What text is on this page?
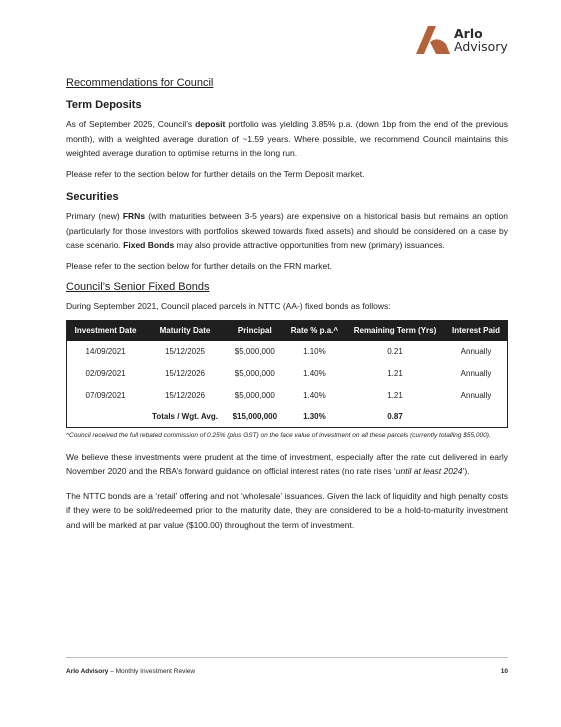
Arlo
Advisory
Recommendations for Council
Term Deposits

As of September 2025, Council’s deposit portfolio was yielding 3.85% p.a. (down 1bp from the end of the previous month), with a weighted average duration of ~1.59 years. Where possible, we recommend Council maintains this weighted average duration to optimise returns in the long run.

Please refer to the section below for further details on the Term Deposit market.

Securities

Primary (new) FRNs (with maturities between 3-5 years) are expensive on a historical basis but remains an option (particularly for those investors with portfolios skewed towards fixed assets) and should be considered on a case by case scenario. Fixed Bonds may also provide attractive opportunities from new (primary) issuances.

Please refer to the section below for further details on the FRN market.

Council’s Senior Fixed Bonds

During September 2021, Council placed parcels in NTTC (AA-) fixed bonds as follows:

Investment Date	Maturity Date	Principal	Rate % p.a.^	Remaining Term (Yrs)	Interest Paid
14/09/2021	15/12/2025	$5,000,000	1.10%	0.21	Annually
02/09/2021	15/12/2026	$5,000,000	1.40%	1.21	Annually
07/09/2021	15/12/2026	$5,000,000	1.40%	1.21	Annually
	Totals / Wgt. Avg.	$15,000,000	1.30%	0.87	
^Council received the full rebated commission of 0.25% (plus GST) on the face value of investment on all these parcels (currently totalling $55,000).

We believe these investments were prudent at the time of investment, especially after the rate cut delivered in early November 2020 and the RBA’s forward guidance on official interest rates (no rate rises ‘until at least 2024’).

The NTTC bonds are a ‘retail’ offering and not ‘wholesale’ issuances. Given the lack of liquidity and high penalty costs if they were to be sold/redeemed prior to the maturity date, they are considered to be a hold-to-maturity investment and will be marked at par value ($100.00) throughout the term of investment.

Arlo Advisory – Monthly Investment Review	10
